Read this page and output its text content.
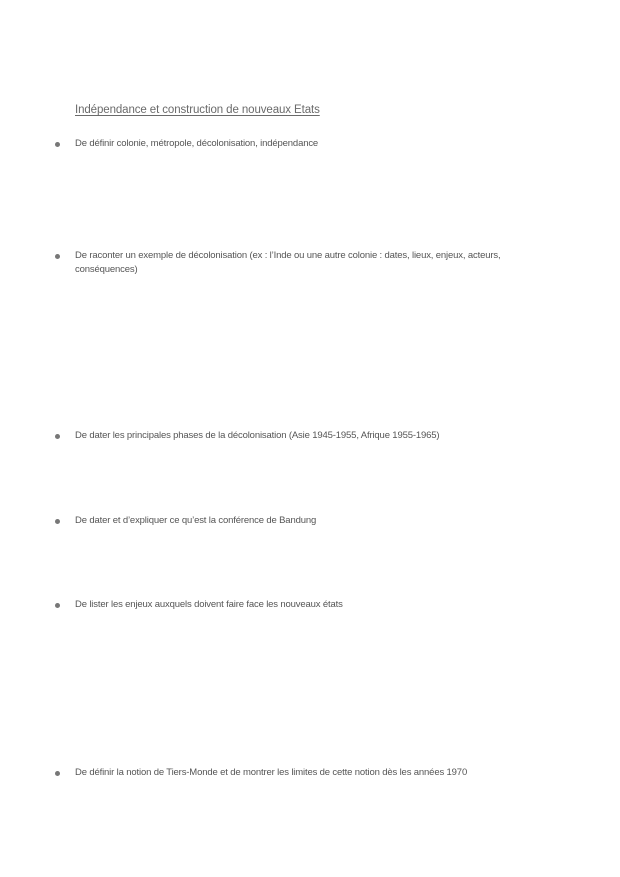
Indépendance et construction de nouveaux Etats
De définir colonie, métropole, décolonisation, indépendance
De raconter un exemple de décolonisation (ex : l’Inde ou une autre colonie : dates, lieux, enjeux, acteurs, conséquences)
De dater les principales phases de la décolonisation (Asie 1945-1955, Afrique 1955-1965)
De dater et d’expliquer ce qu’est la conférence de Bandung
De lister les enjeux auxquels doivent faire face les nouveaux états
De définir la notion de Tiers-Monde et de montrer les limites de cette notion dès les années 1970
